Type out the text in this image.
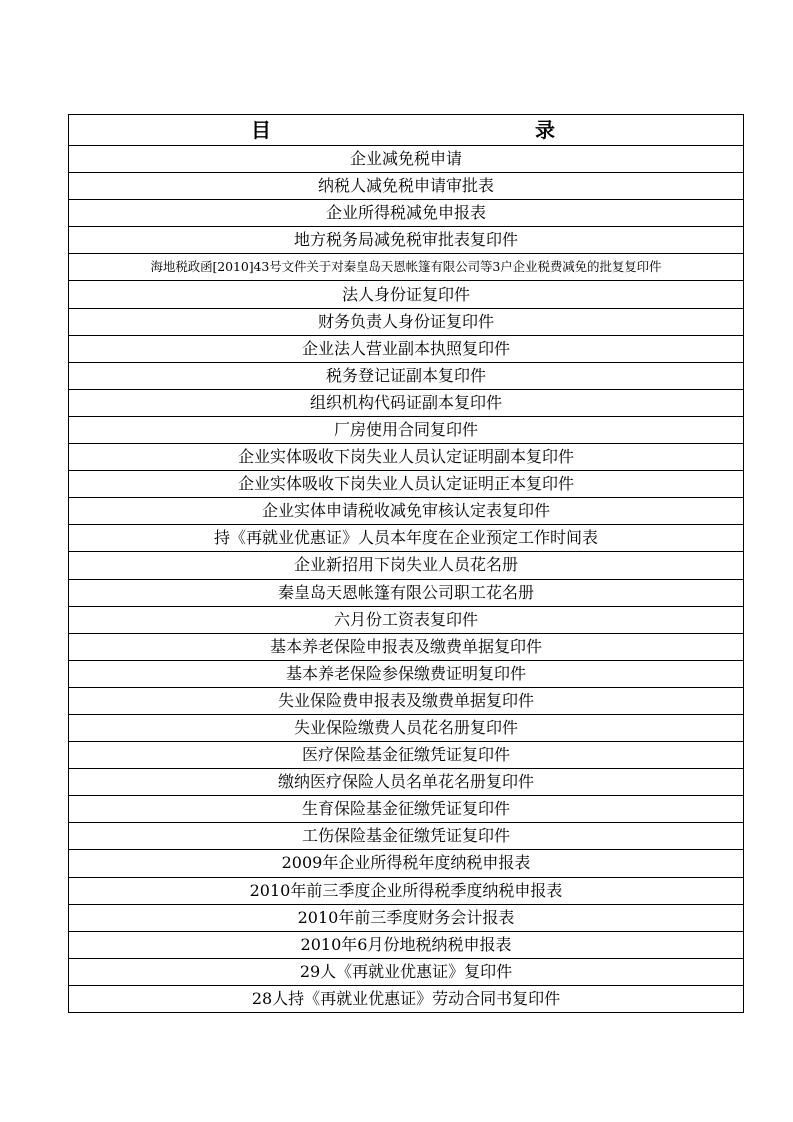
目	录

企业减免税申请
纳税人减免税申请审批表
企业所得税减免申报表
地方税务局减免税审批表复印件
海地税政函[2010]43号文件关于对秦皇岛天恩帐篷有限公司等3户企业税费减免的批复复印件
法人身份证复印件
财务负责人身份证复印件
企业法人营业副本执照复印件
税务登记证副本复印件
组织机构代码证副本复印件
厂房使用合同复印件
企业实体吸收下岗失业人员认定证明副本复印件
企业实体吸收下岗失业人员认定证明正本复印件
企业实体申请税收减免审核认定表复印件
持《再就业优惠证》人员本年度在企业预定工作时间表
企业新招用下岗失业人员花名册
秦皇岛天恩帐篷有限公司职工花名册
六月份工资表复印件
基本养老保险申报表及缴费单据复印件
基本养老保险参保缴费证明复印件
失业保险费申报表及缴费单据复印件
失业保险缴费人员花名册复印件
医疗保险基金征缴凭证复印件
缴纳医疗保险人员名单花名册复印件
生育保险基金征缴凭证复印件
工伤保险基金征缴凭证复印件
2009年企业所得税年度纳税申报表
2010年前三季度企业所得税季度纳税申报表
2010年前三季度财务会计报表
2010年6月份地税纳税申报表
29人《再就业优惠证》复印件
28人持《再就业优惠证》劳动合同书复印件
